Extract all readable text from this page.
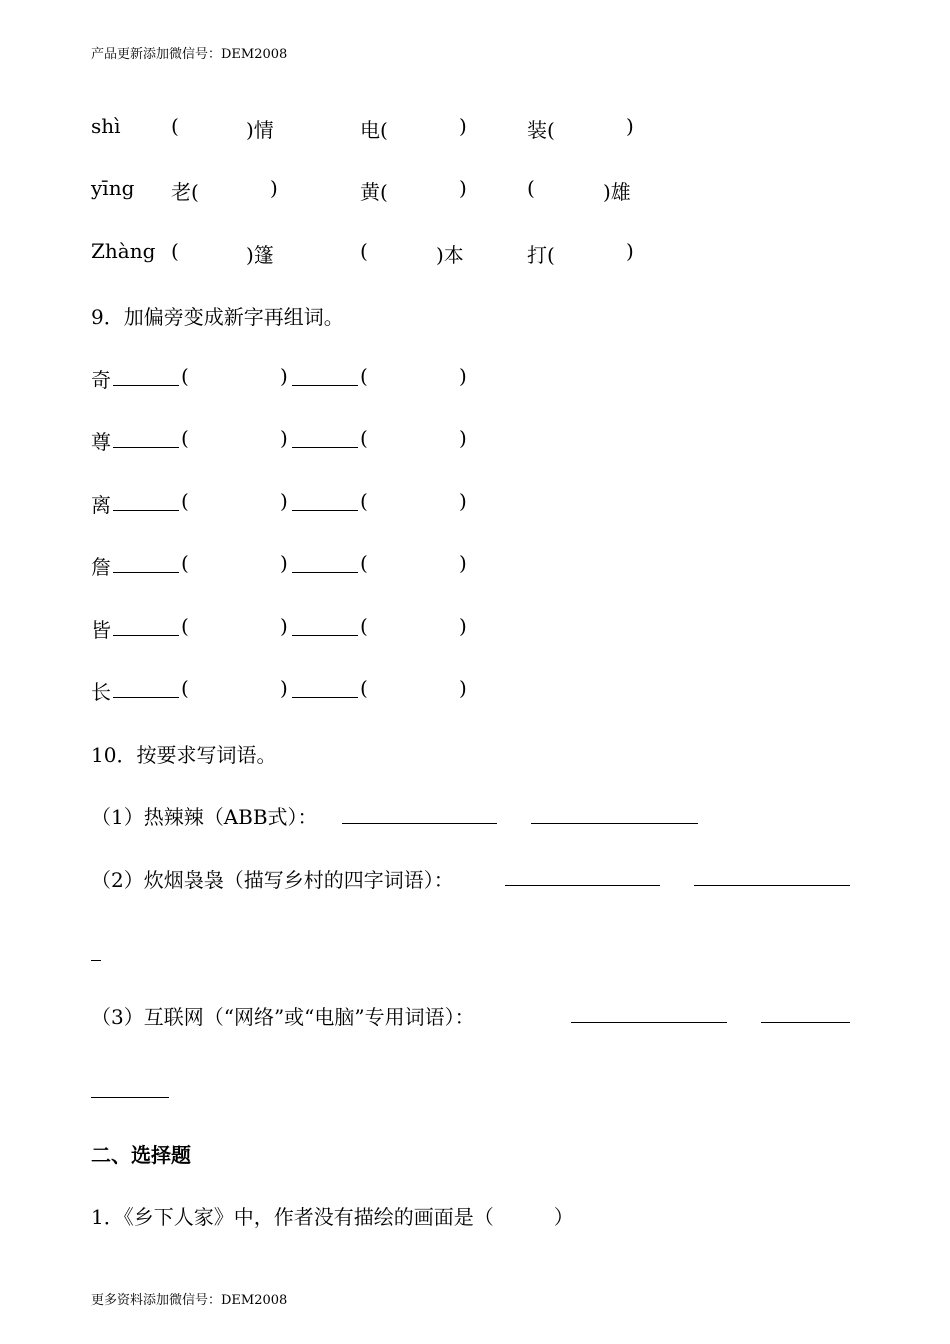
产品更新添加微信号：DEM2008
shì	(	)情	电(	)	装(	)
yīng 老(	)	黄(	)	(	)雄
Zhàng (	)篷	(	)本	打(	)
9．加偏旁变成新字再组词。
奇	(	)	(	)
尊	(	)	(	)
离	(	)	(	)
詹	(	)	(	)
皆	(	)	(	)
长	(	)	(	)
10．按要求写词语。
（1）热辣辣（ABB式）：
（2）炊烟袅袅（描写乡村的四字词语）：
（3）互联网（“网络”或“电脑”专用词语）：
二、选择题
1．《乡下人家》中，作者没有描绘的画面是（　　　）
更多资料添加微信号：DEM2008
